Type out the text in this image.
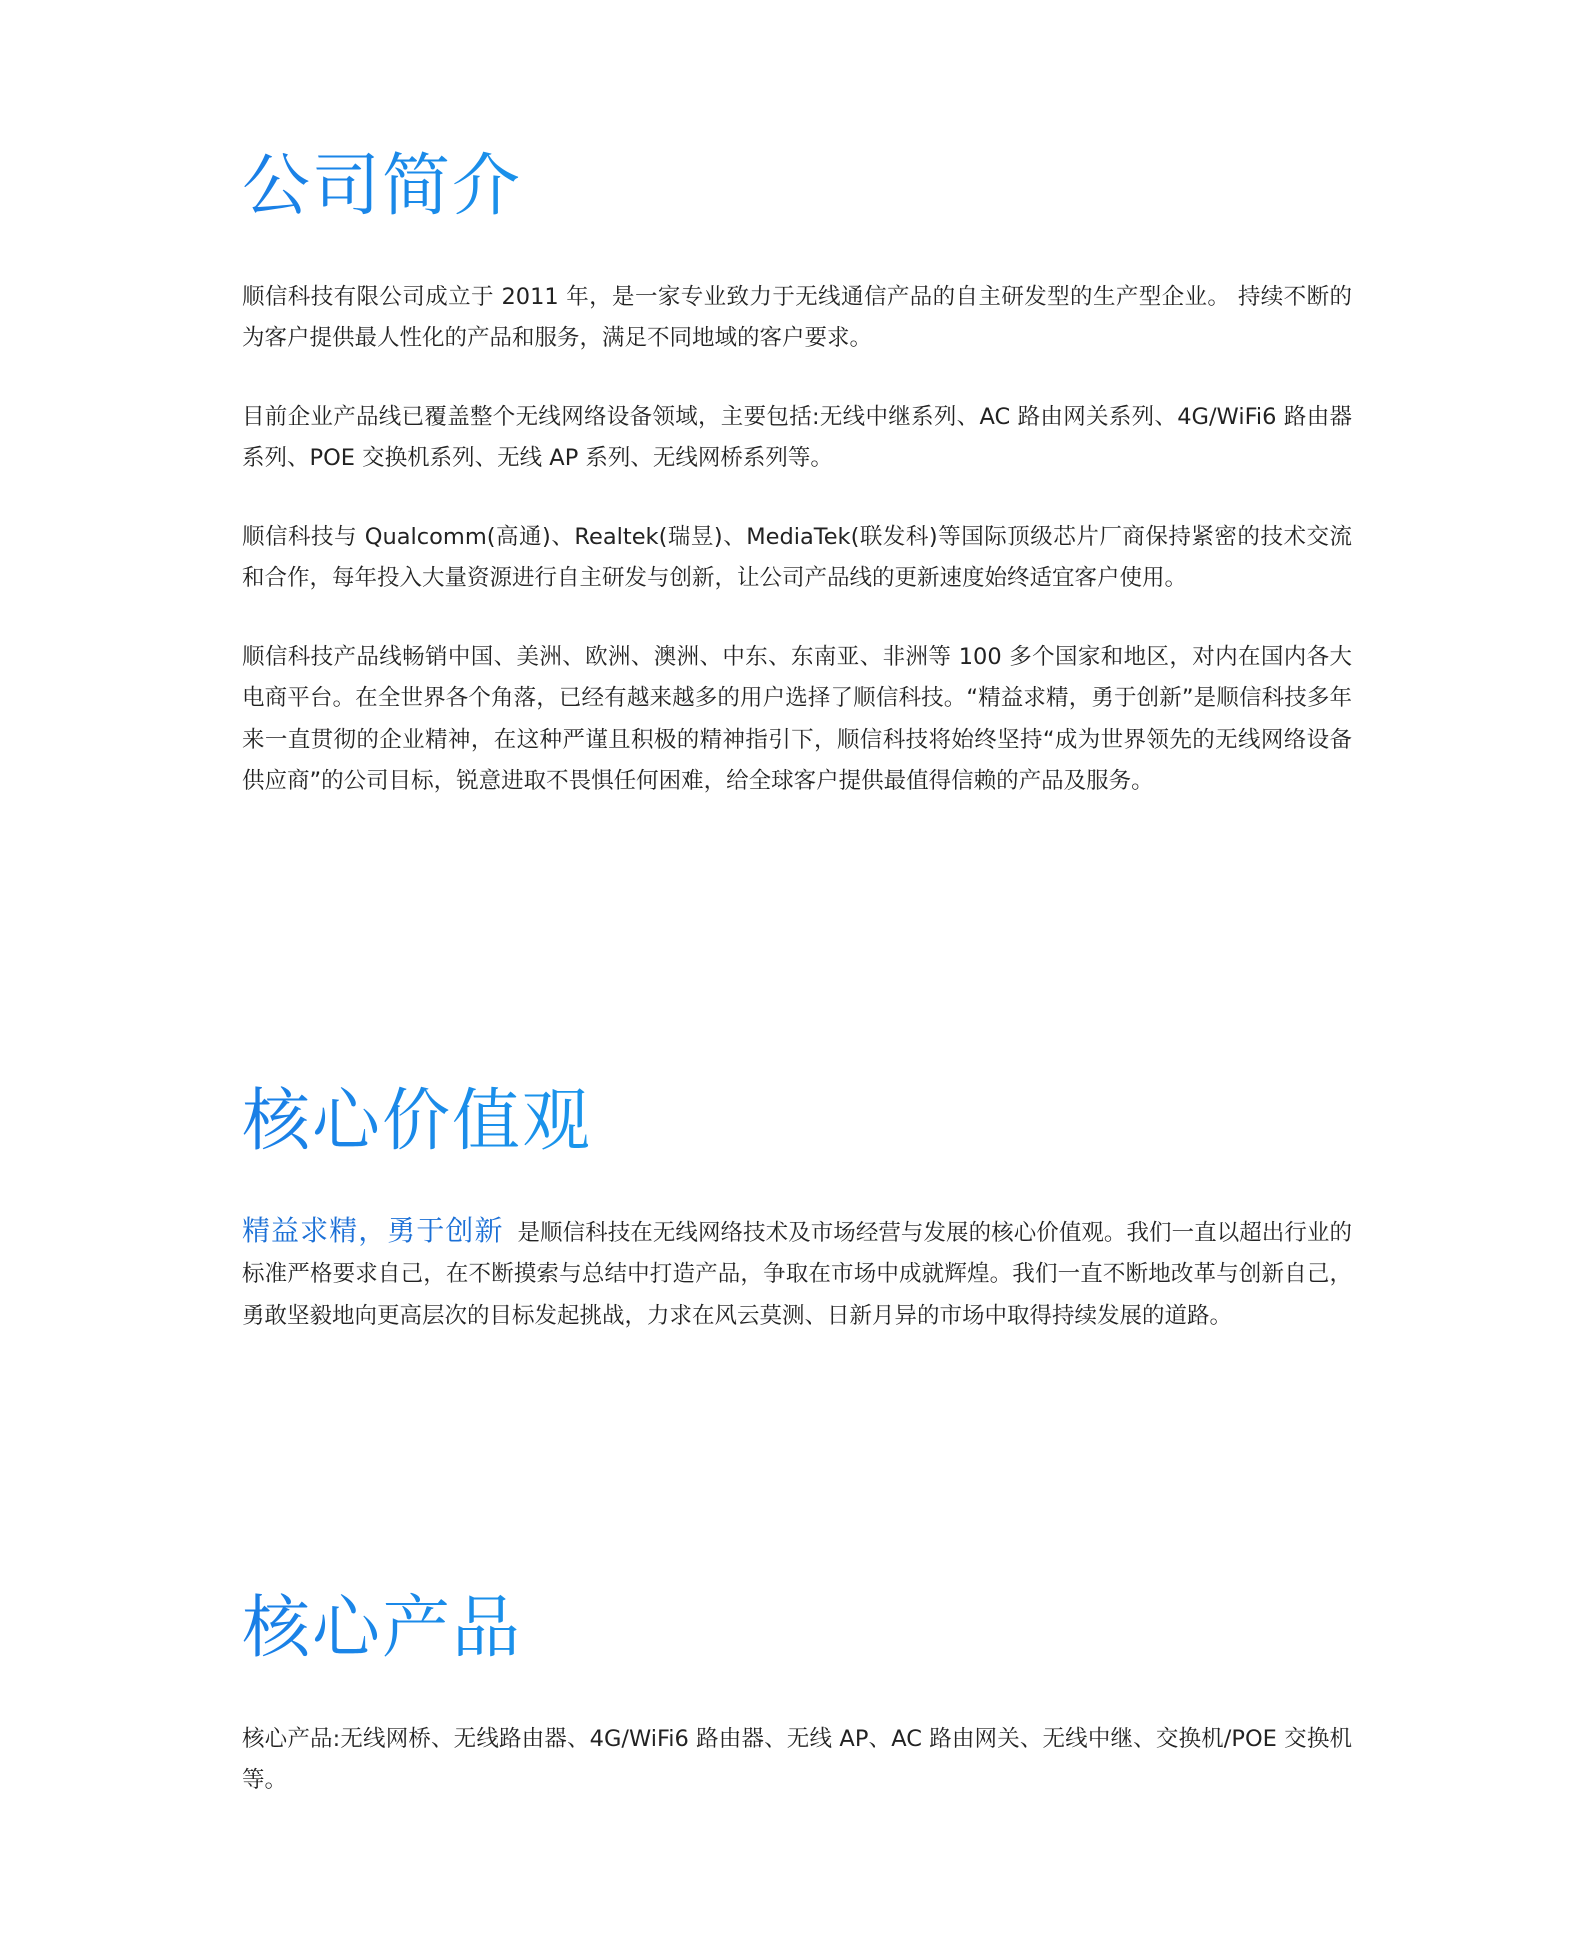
公司简介

顺信科技有限公司成立于 2011 年，是一家专业致力于无线通信产品的自主研发型的生产型企业。 持续不断的为客户提供最人性化的产品和服务，满足不同地域的客户要求。

目前企业产品线已覆盖整个无线网络设备领域，主要包括:无线中继系列、AC 路由网关系列、4G/WiFi6 路由器系列、POE 交换机系列、无线 AP 系列、无线网桥系列等。

顺信科技与 Qualcomm(高通)、Realtek(瑞昱)、MediaTek(联发科)等国际顶级芯片厂商保持紧密的技术交流和合作，每年投入大量资源进行自主研发与创新，让公司产品线的更新速度始终适宜客户使用。

顺信科技产品线畅销中国、美洲、欧洲、澳洲、中东、东南亚、非洲等 100 多个国家和地区，对内在国内各大电商平台。在全世界各个角落，已经有越来越多的用户选择了顺信科技。“精益求精，勇于创新”是顺信科技多年来一直贯彻的企业精神，在这种严谨且积极的精神指引下，顺信科技将始终坚持“成为世界领先的无线网络设备供应商”的公司目标，锐意进取不畏惧任何困难，给全球客户提供最值得信赖的产品及服务。

核心价值观

精益求精，勇于创新 是顺信科技在无线网络技术及市场经营与发展的核心价值观。我们一直以超出行业的标准严格要求自己，在不断摸索与总结中打造产品，争取在市场中成就辉煌。我们一直不断地改革与创新自己，勇敢坚毅地向更高层次的目标发起挑战，力求在风云莫测、日新月异的市场中取得持续发展的道路。

核心产品

核心产品:无线网桥、无线路由器、4G/WiFi6 路由器、无线 AP、AC 路由网关、无线中继、交换机/POE 交换机等。
